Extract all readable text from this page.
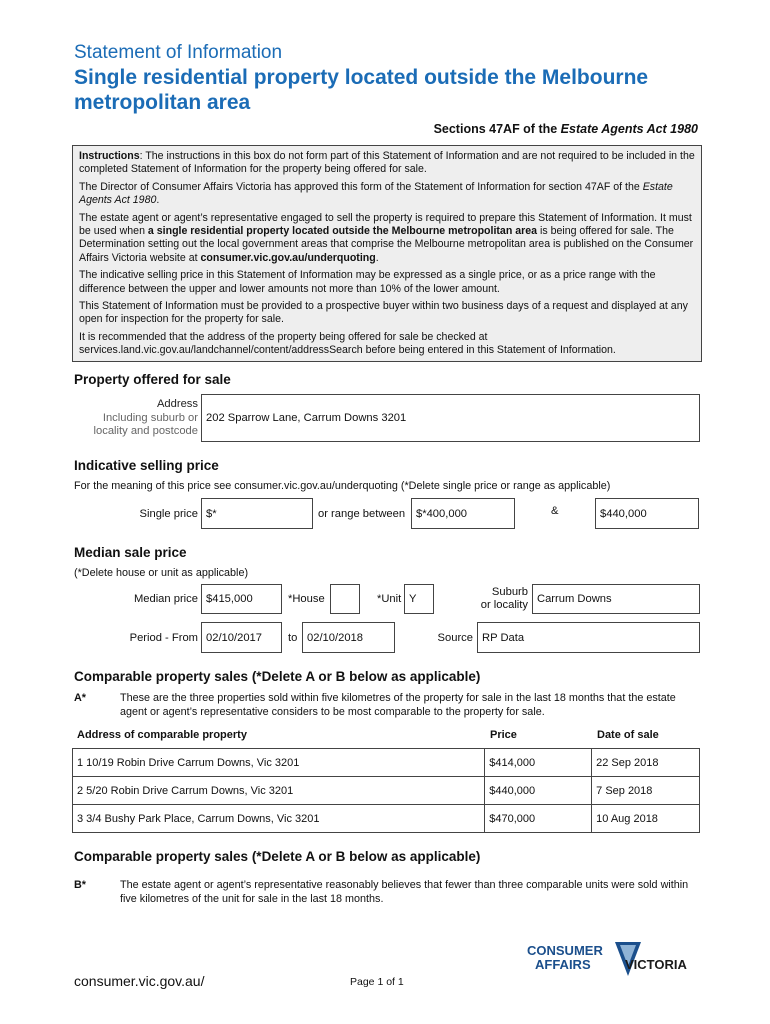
Statement of Information
Single residential property located outside the Melbourne metropolitan area
Sections 47AF of the Estate Agents Act 1980

Instructions: The instructions in this box do not form part of this Statement of Information and are not required to be included in the completed Statement of Information for the property being offered for sale.

The Director of Consumer Affairs Victoria has approved this form of the Statement of Information for section 47AF of the Estate Agents Act 1980.

The estate agent or agent’s representative engaged to sell the property is required to prepare this Statement of Information. It must be used when a single residential property located outside the Melbourne metropolitan area is being offered for sale. The Determination setting out the local government areas that comprise the Melbourne metropolitan area is published on the Consumer Affairs Victoria website at consumer.vic.gov.au/underquoting.

The indicative selling price in this Statement of Information may be expressed as a single price, or as a price range with the difference between the upper and lower amounts not more than 10% of the lower amount.

This Statement of Information must be provided to a prospective buyer within two business days of a request and displayed at any open for inspection for the property for sale.

It is recommended that the address of the property being offered for sale be checked at services.land.vic.gov.au/landchannel/content/addressSearch before being entered in this Statement of Information.

Property offered for sale
Address
Including suburb or
locality and postcode
202 Sparrow Lane, Carrum Downs 3201
Indicative selling price
For the meaning of this price see consumer.vic.gov.au/underquoting (*Delete single price or range as applicable)
Single price $*	or range between $*400,000	&	$440,000
Median sale price
(*Delete house or unit as applicable)
Median price $415,000	*House	*Unit Y
Suburb
or locality Carrum Downs
Period - From 02/10/2017	to 02/10/2018	Source RP Data
Comparable property sales (*Delete A or B below as applicable)
A*	These are the three properties sold within five kilometres of the property for sale in the last 18 months that the estate agent or agent’s representative considers to be most comparable to the property for sale.
Address of comparable property	Price	Date of sale
1 10/19 Robin Drive Carrum Downs, Vic 3201	$414,000	22 Sep 2018
2 5/20 Robin Drive Carrum Downs, Vic 3201	$440,000	7 Sep 2018
3 3/4 Bushy Park Place, Carrum Downs, Vic 3201	$470,000	10 Aug 2018
Comparable property sales (*Delete A or B below as applicable)
B*	The estate agent or agent’s representative reasonably believes that fewer than three comparable units were sold within five kilometres of the unit for sale in the last 18 months.
consumer.vic.gov.au/	Page 1 of 1
CONSUMER
AFFAIRS	VICTORIA
